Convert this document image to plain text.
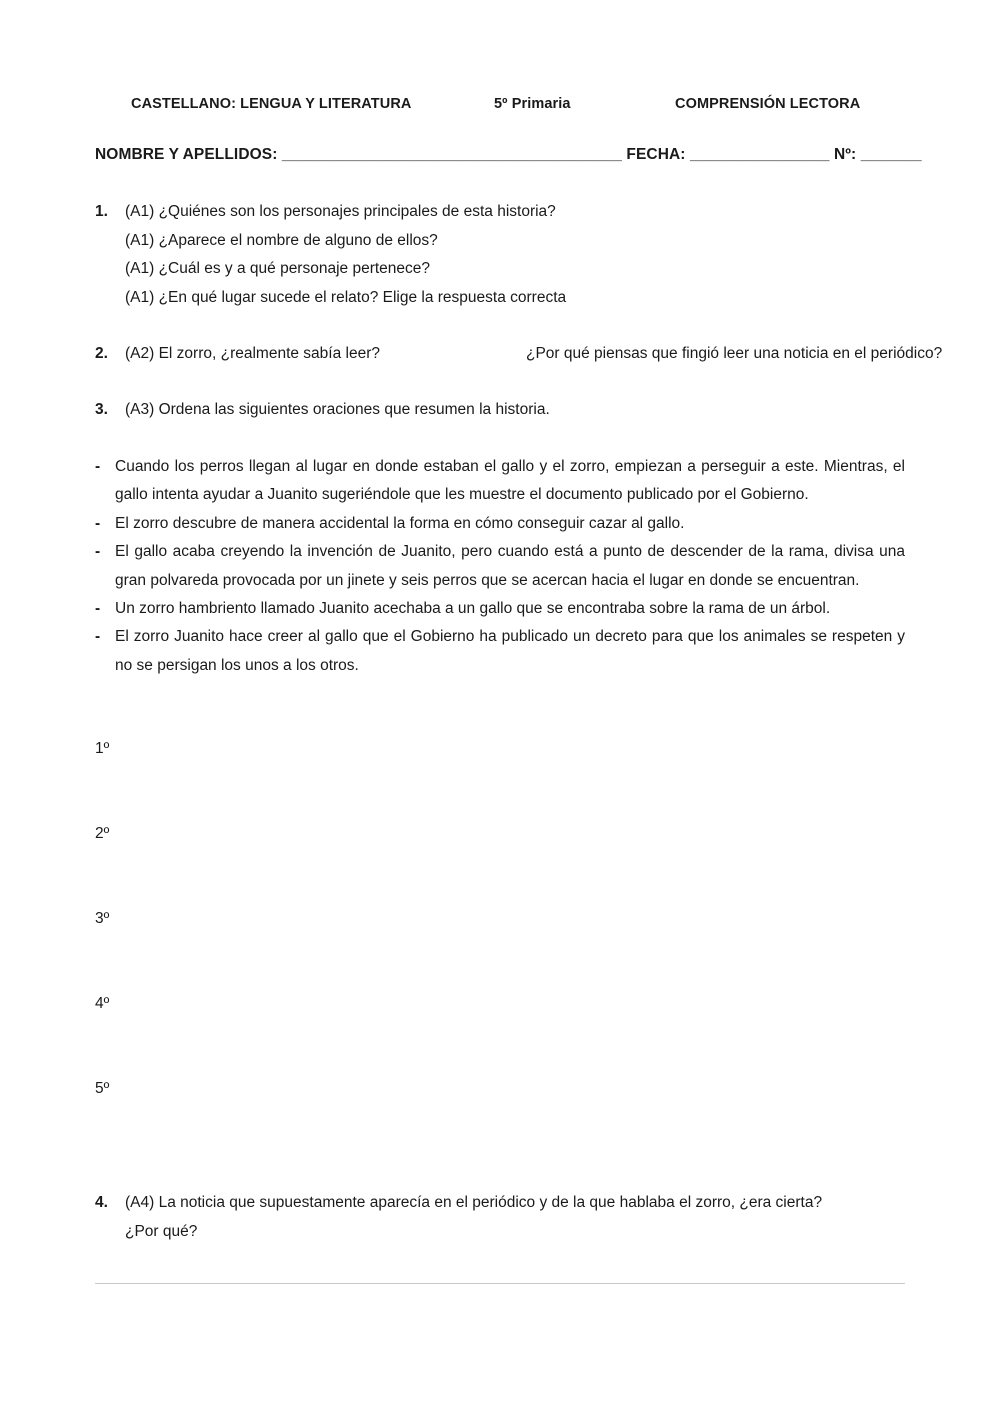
CASTELLANO: LENGUA Y LITERATURA	5º Primaria	COMPRENSIÓN LECTORA
NOMBRE Y APELLIDOS: _______________________________________ FECHA: ________________ Nº: _______
1. (A1) ¿Quiénes son los personajes principales de esta historia?
(A1) ¿Aparece el nombre de alguno de ellos?
(A1) ¿Cuál es y a qué personaje pertenece?
(A1) ¿En qué lugar sucede el relato? Elige la respuesta correcta
2. (A2) El zorro, ¿realmente sabía leer?	¿Por qué piensas que fingió leer una noticia en el periódico?
3. (A3) Ordena las siguientes oraciones que resumen la historia.
- Cuando los perros llegan al lugar en donde estaban el gallo y el zorro, empiezan a perseguir a este. Mientras, el gallo intenta ayudar a Juanito sugeriéndole que les muestre el documento publicado por el Gobierno.
- El zorro descubre de manera accidental la forma en cómo conseguir cazar al gallo.
- El gallo acaba creyendo la invención de Juanito, pero cuando está a punto de descender de la rama, divisa una gran polvareda provocada por un jinete y seis perros que se acercan hacia el lugar en donde se encuentran.
- Un zorro hambriento llamado Juanito acechaba a un gallo que se encontraba sobre la rama de un árbol.
- El zorro Juanito hace creer al gallo que el Gobierno ha publicado un decreto para que los animales se respeten y no se persigan los unos a los otros.
1º
2º
3º
4º
5º
4. (A4) La noticia que supuestamente aparecía en el periódico y de la que hablaba el zorro, ¿era cierta?
¿Por qué?
